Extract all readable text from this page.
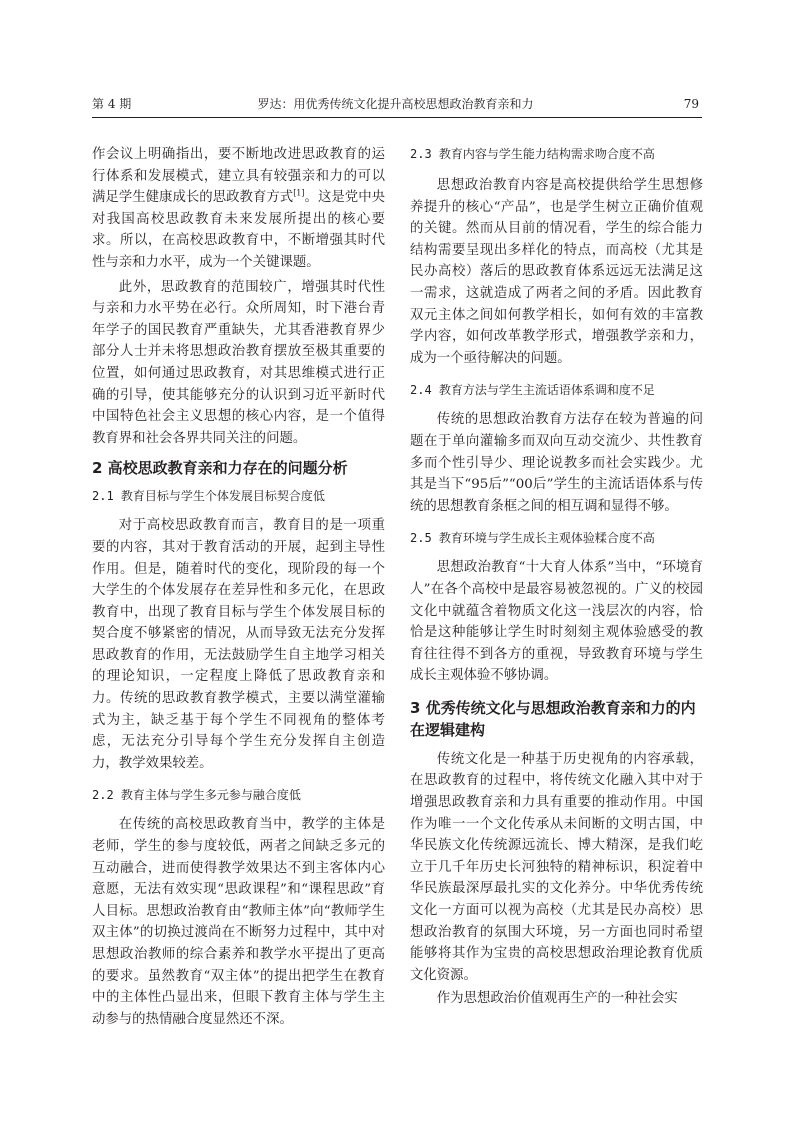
第 4 期	罗达：用优秀传统文化提升高校思想政治教育亲和力	79

作会议上明确指出，要不断地改进思政教育的运行体系和发展模式，建立具有较强亲和力的可以满足学生健康成长的思政教育方式[1]。这是党中央对我国高校思政教育未来发展所提出的核心要求。所以，在高校思政教育中，不断增强其时代性与亲和力水平，成为一个关键课题。

此外，思政教育的范围较广，增强其时代性与亲和力水平势在必行。众所周知，时下港台青年学子的国民教育严重缺失，尤其香港教育界少部分人士并未将思想政治教育摆放至极其重要的位置，如何通过思政教育，对其思维模式进行正确的引导，使其能够充分的认识到习近平新时代中国特色社会主义思想的核心内容，是一个值得教育界和社会各界共同关注的问题。

2 高校思政教育亲和力存在的问题分析

2.1 教育目标与学生个体发展目标契合度低

对于高校思政教育而言，教育目的是一项重要的内容，其对于教育活动的开展，起到主导性作用。但是，随着时代的变化，现阶段的每一个大学生的个体发展存在差异性和多元化，在思政教育中，出现了教育目标与学生个体发展目标的契合度不够紧密的情况，从而导致无法充分发挥思政教育的作用，无法鼓励学生自主地学习相关的理论知识，一定程度上降低了思政教育亲和力。传统的思政教育教学模式，主要以满堂灌输式为主，缺乏基于每个学生不同视角的整体考虑，无法充分引导每个学生充分发挥自主创造力，教学效果较差。

2.2 教育主体与学生多元参与融合度低

在传统的高校思政教育当中，教学的主体是老师，学生的参与度较低，两者之间缺乏多元的互动融合，进而使得教学效果达不到主客体内心意愿，无法有效实现“思政课程”和“课程思政”育人目标。思想政治教育由“教师主体”向“教师学生双主体”的切换过渡尚在不断努力过程中，其中对思想政治教师的综合素养和教学水平提出了更高的要求。虽然教育“双主体”的提出把学生在教育中的主体性凸显出来，但眼下教育主体与学生主动参与的热情融合度显然还不深。

2.3 教育内容与学生能力结构需求吻合度不高

思想政治教育内容是高校提供给学生思想修养提升的核心“产品”，也是学生树立正确价值观的关键。然而从目前的情况看，学生的综合能力结构需要呈现出多样化的特点，而高校（尤其是民办高校）落后的思政教育体系远远无法满足这一需求，这就造成了两者之间的矛盾。因此教育双元主体之间如何教学相长，如何有效的丰富教学内容，如何改革教学形式，增强教学亲和力，成为一个亟待解决的问题。

2.4 教育方法与学生主流话语体系调和度不足

传统的思想政治教育方法存在较为普遍的问题在于单向灌输多而双向互动交流少、共性教育多而个性引导少、理论说教多而社会实践少。尤其是当下“95后”“00后”学生的主流话语体系与传统的思想教育条框之间的相互调和显得不够。

2.5 教育环境与学生成长主观体验糅合度不高

思想政治教育“十大育人体系”当中，“环境育人”在各个高校中是最容易被忽视的。广义的校园文化中就蕴含着物质文化这一浅层次的内容，恰恰是这种能够让学生时时刻刻主观体验感受的教育往往得不到各方的重视，导致教育环境与学生成长主观体验不够协调。

3 优秀传统文化与思想政治教育亲和力的内在逻辑建构

传统文化是一种基于历史视角的内容承载，在思政教育的过程中，将传统文化融入其中对于增强思政教育亲和力具有重要的推动作用。中国作为唯一一个文化传承从未间断的文明古国，中华民族文化传统源远流长、博大精深，是我们屹立于几千年历史长河独特的精神标识，积淀着中华民族最深厚最扎实的文化养分。中华优秀传统文化一方面可以视为高校（尤其是民办高校）思想政治教育的氛围大环境，另一方面也同时希望能够将其作为宝贵的高校思想政治理论教育优质文化资源。

作为思想政治价值观再生产的一种社会实
